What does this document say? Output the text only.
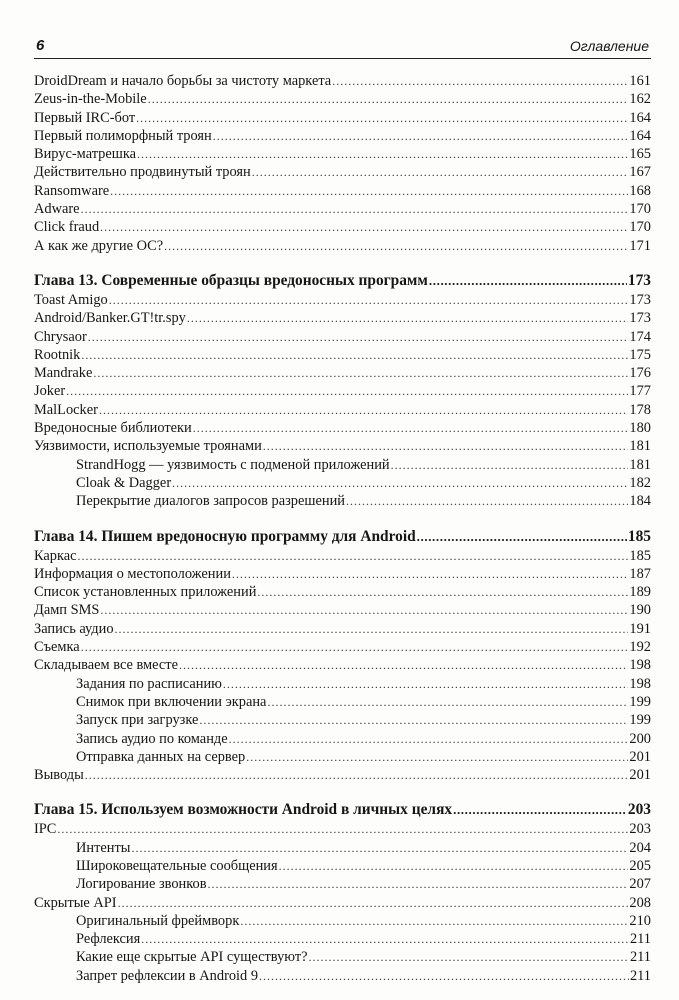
6	Оглавление
DroidDream и начало борьбы за чистоту маркета .....	161
Zeus-in-the-Mobile .....	162
Первый IRC-бот .....	164
Первый полиморфный троян .....	164
Вирус-матрешка .....	165
Действительно продвинутый троян .....	167
Ransomware .....	168
Adware .....	170
Click fraud .....	170
А как же другие ОС? .....	171
Глава 13. Современные образцы вредоносных программ .....	173
Toast Amigo .....	173
Android/Banker.GT!tr.spy .....	173
Chrysaor .....	174
Rootnik .....	175
Mandrake .....	176
Joker .....	177
MalLocker .....	178
Вредоносные библиотеки .....	180
Уязвимости, используемые троянами .....	181
StrandHogg — уязвимость с подменой приложений .....	181
Cloak & Dagger .....	182
Перекрытие диалогов запросов разрешений .....	184
Глава 14. Пишем вредоносную программу для Android .....	185
Каркас .....	185
Информация о местоположении .....	187
Список установленных приложений .....	189
Дамп SMS .....	190
Запись аудио .....	191
Съемка .....	192
Складываем все вместе .....	198
Задания по расписанию .....	198
Снимок при включении экрана .....	199
Запуск при загрузке .....	199
Запись аудио по команде .....	200
Отправка данных на сервер .....	201
Выводы .....	201
Глава 15. Используем возможности Android в личных целях .....	203
IPC .....	203
Интенты .....	204
Широковещательные сообщения .....	205
Логирование звонков .....	207
Скрытые API .....	208
Оригинальный фреймворк .....	210
Рефлексия .....	211
Какие еще скрытые API существуют? .....	211
Запрет рефлексии в Android 9 .....	211
